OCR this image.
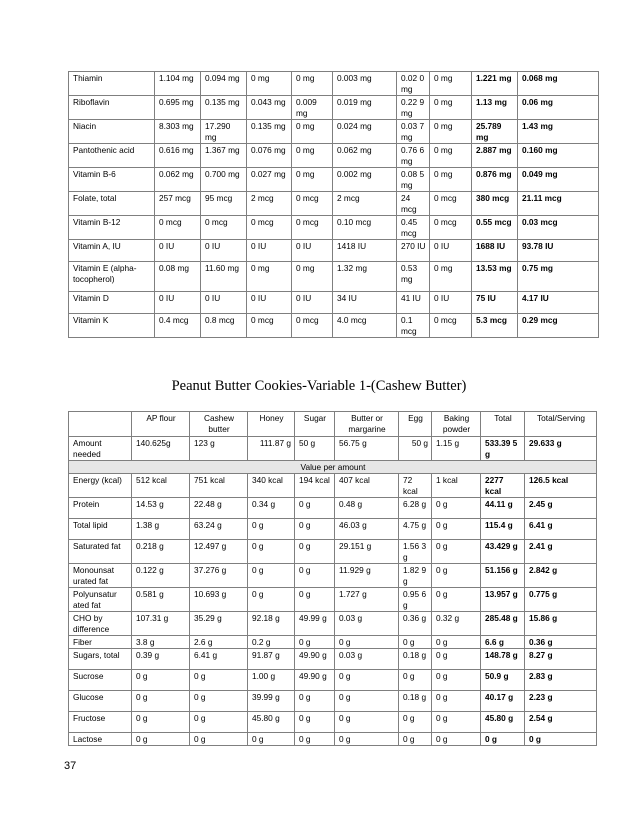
Thiamin	1.104 mg	0.094 mg	0 mg	0 mg	0.003 mg	0.02 0 mg	0 mg	1.221 mg	0.068 mg
Riboflavin	0.695 mg	0.135 mg	0.043 mg	0.009 mg	0.019 mg	0.22 9 mg	0 mg	1.13 mg	0.06 mg
Niacin	8.303 mg	17.290 mg	0.135 mg	0 mg	0.024 mg	0.03 7 mg	0 mg	25.789 mg	1.43 mg
Pantothenic acid	0.616 mg	1.367 mg	0.076 mg	0 mg	0.062 mg	0.76 6 mg	0 mg	2.887 mg	0.160 mg
Vitamin B-6	0.062 mg	0.700 mg	0.027 mg	0 mg	0.002 mg	0.08 5 mg	0 mg	0.876 mg	0.049 mg
Folate, total	257 mcg	95 mcg	2 mcg	0 mcg	2 mcg	24 mcg	0 mcg	380 mcg	21.11 mcg
Vitamin B-12	0 mcg	0 mcg	0 mcg	0 mcg	0.10 mcg	0.45 mcg	0 mcg	0.55 mcg	0.03 mcg
Vitamin A, IU	0 IU	0 IU	0 IU	0 IU	1418 IU	270 IU	0 IU	1688 IU	93.78 IU
Vitamin E (alpha-tocopherol)	0.08 mg	11.60 mg	0 mg	0 mg	1.32 mg	0.53 mg	0 mg	13.53 mg	0.75 mg
Vitamin D	0 IU	0 IU	0 IU	0 IU	34 IU	41 IU	0 IU	75 IU	4.17 IU
Vitamin K	0.4 mcg	0.8 mcg	0 mcg	0 mcg	4.0 mcg	0.1 mcg	0 mcg	5.3 mcg	0.29 mcg
Peanut Butter Cookies-Variable 1-(Cashew Butter)
	AP flour	Cashew butter	Honey	Sugar	Butter or margarine	Egg	Baking powder	Total	Total/Serving
Amount needed	140.625g	123 g	111.87 g	50 g	56.75 g	50 g	1.15 g	533.39 5 g	29.633 g
Value per amount									
Energy (kcal)	512 kcal	751 kcal	340 kcal	194 kcal	407 kcal	72 kcal	1 kcal	2277 kcal	126.5 kcal
Protein	14.53 g	22.48 g	0.34 g	0 g	0.48 g	6.28 g	0 g	44.11 g	2.45 g
Total lipid	1.38 g	63.24 g	0 g	0 g	46.03 g	4.75 g	0 g	115.4 g	6.41 g
Saturated fat	0.218 g	12.497 g	0 g	0 g	29.151 g	1.56 3 g	0 g	43.429 g	2.41 g
Monounsat urated fat	0.122 g	37.276 g	0 g	0 g	11.929 g	1.82 9 g	0 g	51.156 g	2.842 g
Polyunsatur ated fat	0.581 g	10.693 g	0 g	0 g	1.727 g	0.95 6 g	0 g	13.957 g	0.775 g
CHO by difference	107.31 g	35.29 g	92.18 g	49.99 g	0.03 g	0.36 g	0.32 g	285.48 g	15.86 g
Fiber	3.8 g	2.6 g	0.2 g	0 g	0 g	0 g	0 g	6.6 g	0.36 g
Sugars, total	0.39 g	6.41 g	91.87 g	49.90 g	0.03 g	0.18 g	0 g	148.78 g	8.27 g
Sucrose	0 g	0 g	1.00 g	49.90 g	0 g	0 g	0 g	50.9 g	2.83 g
Glucose	0 g	0 g	39.99 g	0 g	0 g	0.18 g	0 g	40.17 g	2.23 g
Fructose	0 g	0 g	45.80 g	0 g	0 g	0 g	0 g	45.80 g	2.54 g
Lactose	0 g	0 g	0 g	0 g	0 g	0 g	0 g	0 g	0 g
37
